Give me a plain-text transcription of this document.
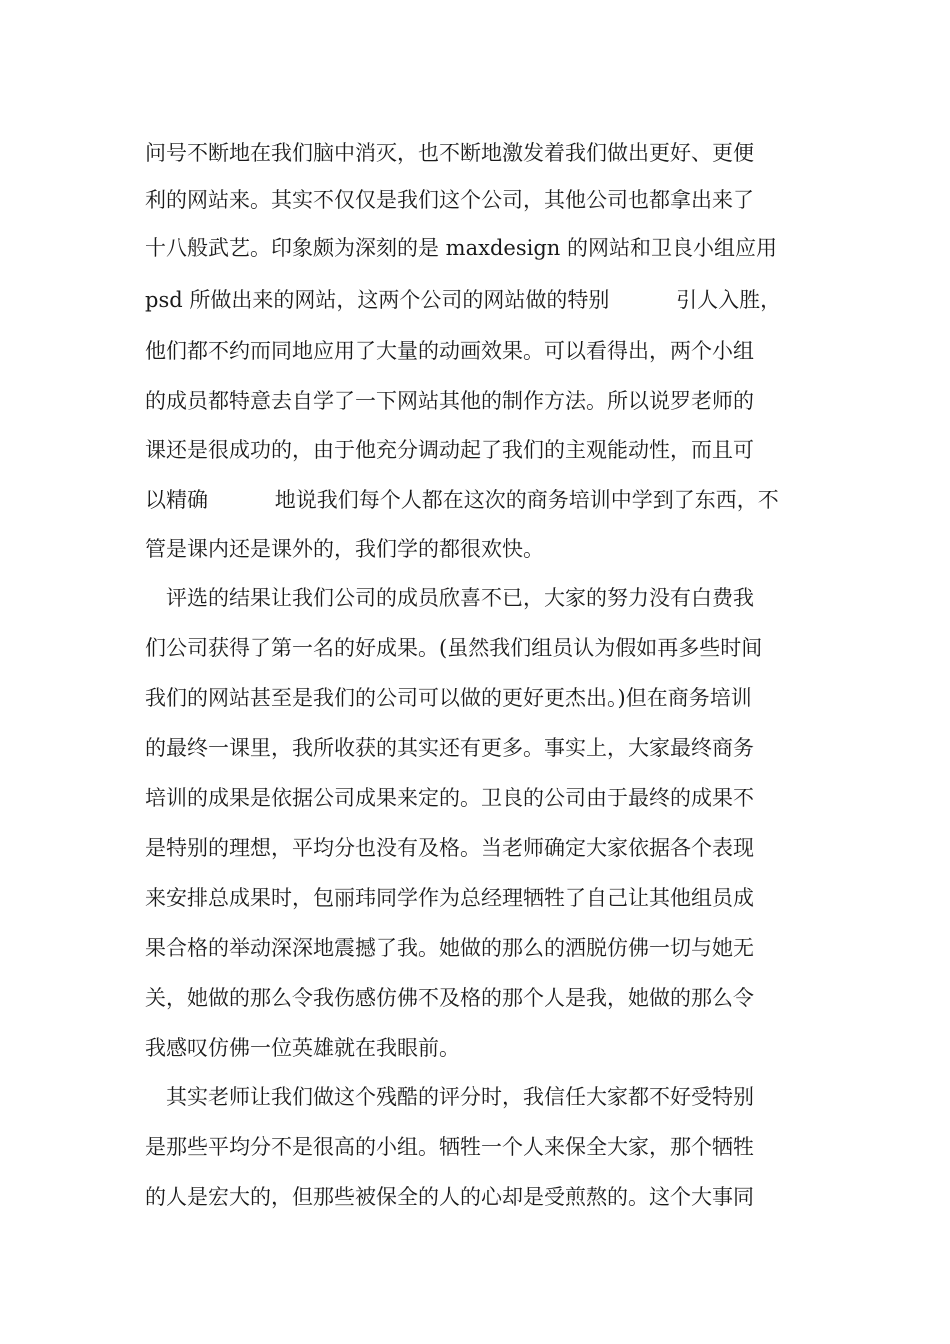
问号不断地在我们脑中消灭，也不断地激发着我们做出更好、更便
利的网站来。其实不仅仅是我们这个公司，其他公司也都拿出来了
十八般武艺。印象颇为深刻的是 maxdesign 的网站和卫良小组应用
psd 所做出来的网站，这两个公司的网站做的特别          引人入胜，
他们都不约而同地应用了大量的动画效果。可以看得出，两个小组
的成员都特意去自学了一下网站其他的制作方法。所以说罗老师的
课还是很成功的，由于他充分调动起了我们的主观能动性，而且可
以精确          地说我们每个人都在这次的商务培训中学到了东西，不
管是课内还是课外的，我们学的都很欢快。
评选的结果让我们公司的成员欣喜不已，大家的努力没有白费我
们公司获得了第一名的好成果。(虽然我们组员认为假如再多些时间
我们的网站甚至是我们的公司可以做的更好更杰出。)但在商务培训
的最终一课里，我所收获的其实还有更多。事实上，大家最终商务
培训的成果是依据公司成果来定的。卫良的公司由于最终的成果不
是特别的理想，平均分也没有及格。当老师确定大家依据各个表现
来安排总成果时，包丽玮同学作为总经理牺牲了自己让其他组员成
果合格的举动深深地震撼了我。她做的那么的洒脱仿佛一切与她无
关，她做的那么令我伤感仿佛不及格的那个人是我，她做的那么令
我感叹仿佛一位英雄就在我眼前。
其实老师让我们做这个残酷的评分时，我信任大家都不好受特别
是那些平均分不是很高的小组。牺牲一个人来保全大家，那个牺牲
的人是宏大的，但那些被保全的人的心却是受煎熬的。这个大事同
